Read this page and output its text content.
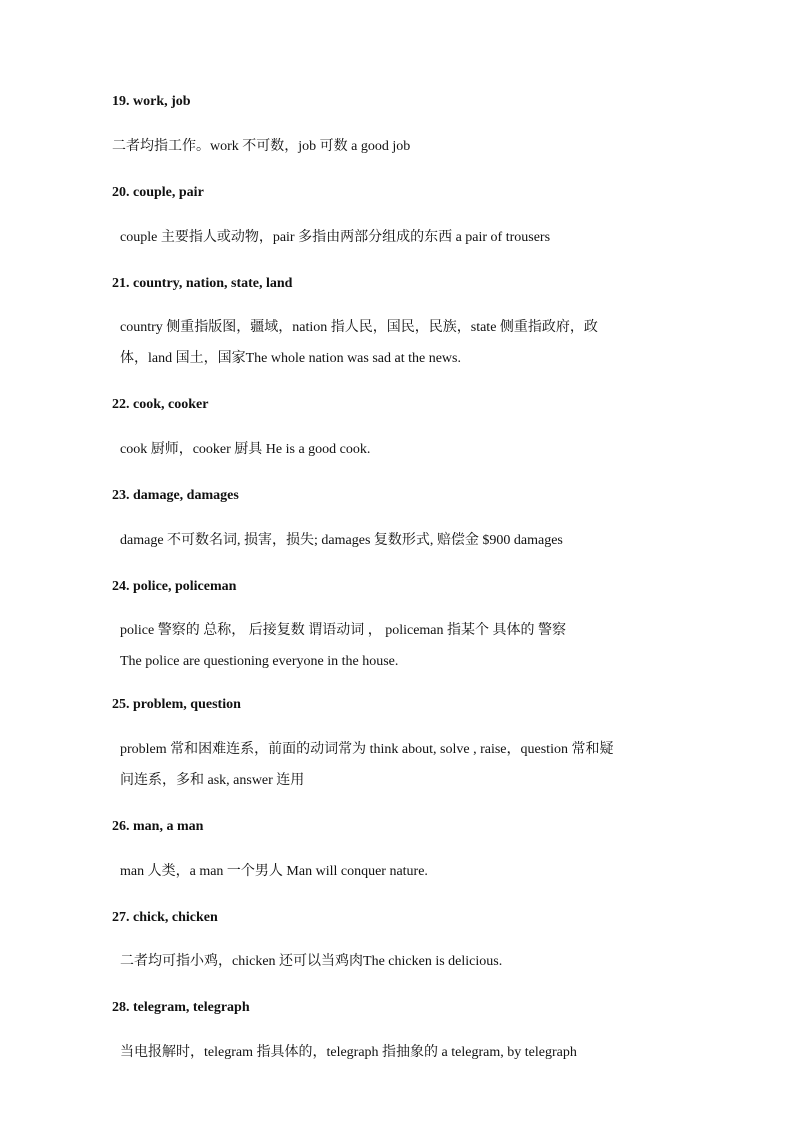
19. work, job
二者均指工作。work 不可数，job 可数 a good job
20. couple, pair
couple 主要指人或动物，pair 多指由两部分组成的东西 a pair of trousers
21. country, nation, state, land
country 侧重指版图，疆域，nation 指人民，国民，民族，state 侧重指政府，政
体，land 国土，国家The whole nation was sad at the news.
22. cook, cooker
cook 厨师，cooker 厨具 He is a good cook.
23. damage, damages
damage 不可数名词, 损害，损失; damages 复数形式, 赔偿金 $900 damages
24. police, policeman
police 警察的 总称， 后接复数 谓语动词 ， policeman 指某个 具体的 警察
The police are questioning everyone in the house.
25. problem, question
problem 常和困难连系，前面的动词常为 think about, solve , raise，question 常和疑
问连系，多和 ask, answer 连用
26. man, a man
man 人类，a man 一个男人 Man will conquer nature.
27. chick, chicken
二者均可指小鸡，chicken 还可以当鸡肉The chicken is delicious.
28. telegram, telegraph
当电报解时，telegram 指具体的，telegraph 指抽象的 a telegram, by telegraph
